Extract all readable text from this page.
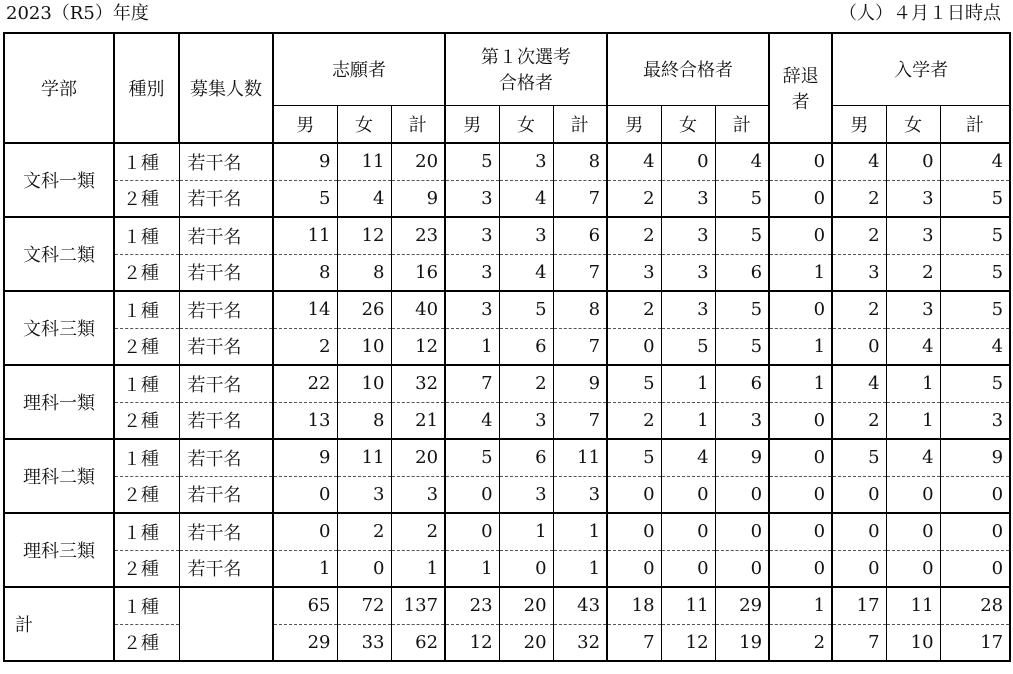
2023（R5）年度	（人）４月１日時点
学部	種別	募集人数	志願者			第１次選考合格者			最終合格者			辞退者	入学者		
			男	女	計	男	女	計	男	女	計		男	女	計
文科一類	１種	若干名	9	11	20	5	3	8	4	0	4	0	4	0	4
	２種	若干名	5	4	9	3	4	7	2	3	5	0	2	3	5
文科二類	１種	若干名	11	12	23	3	3	6	2	3	5	0	2	3	5
	２種	若干名	8	8	16	3	4	7	3	3	6	1	3	2	5
文科三類	１種	若干名	14	26	40	3	5	8	2	3	5	0	2	3	5
	２種	若干名	2	10	12	1	6	7	0	5	5	1	0	4	4
理科一類	１種	若干名	22	10	32	7	2	9	5	1	6	1	4	1	5
	２種	若干名	13	8	21	4	3	7	2	1	3	0	2	1	3
理科二類	１種	若干名	9	11	20	5	6	11	5	4	9	0	5	4	9
	２種	若干名	0	3	3	0	3	3	0	0	0	0	0	0	0
理科三類	１種	若干名	0	2	2	0	1	1	0	0	0	0	0	0	0
	２種	若干名	1	0	1	1	0	1	0	0	0	0	0	0	0
計	１種		65	72	137	23	20	43	18	11	29	1	17	11	28
	２種		29	33	62	12	20	32	7	12	19	2	7	10	17
